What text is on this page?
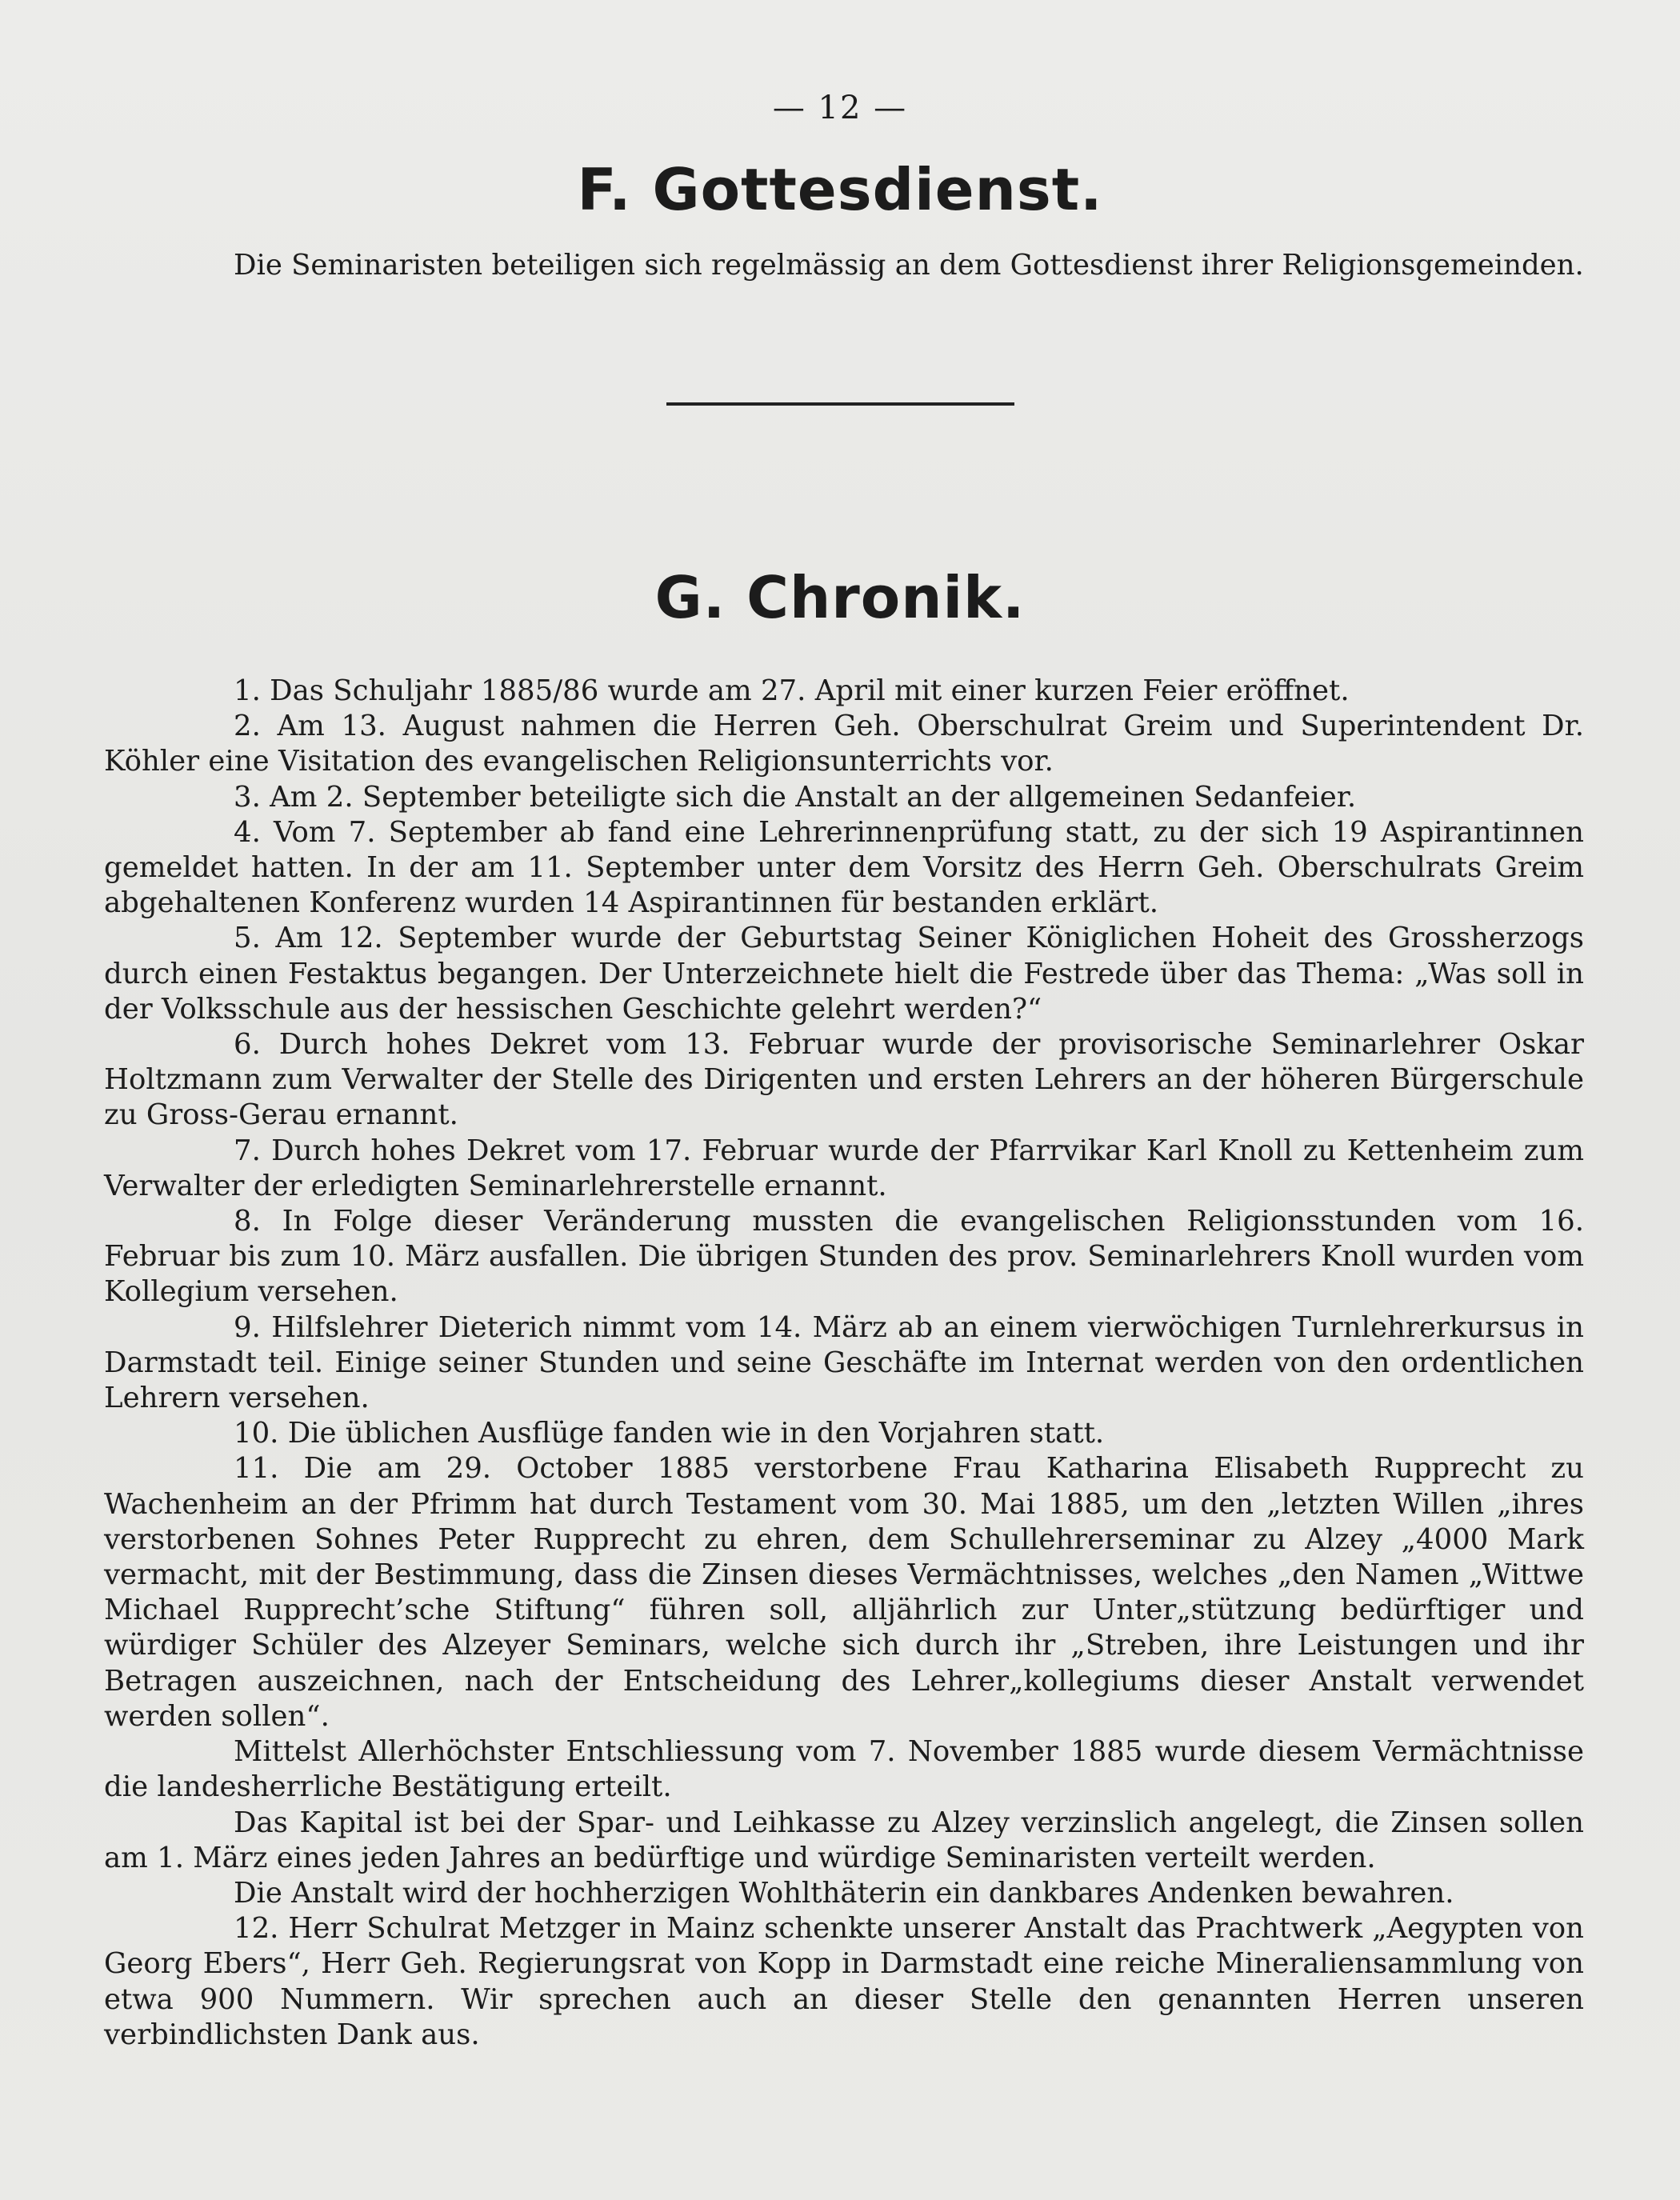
— 12 —
F. Gottesdienst.

Die Seminaristen beteiligen sich regelmässig an dem Gottesdienst ihrer Religionsgemeinden.

G. Chronik.

1. Das Schuljahr 1885/86 wurde am 27. April mit einer kurzen Feier eröffnet.

2. Am 13. August nahmen die Herren Geh. Oberschulrat Greim und Superintendent Dr. Köhler eine Visitation des evangelischen Religionsunterrichts vor.

3. Am 2. September beteiligte sich die Anstalt an der allgemeinen Sedanfeier.

4. Vom 7. September ab fand eine Lehrerinnenprüfung statt, zu der sich 19 Aspirantinnen gemeldet hatten. In der am 11. September unter dem Vorsitz des Herrn Geh. Oberschulrats Greim abgehaltenen Konferenz wurden 14 Aspirantinnen für bestanden erklärt.

5. Am 12. September wurde der Geburtstag Seiner Königlichen Hoheit des Grossherzogs durch einen Festaktus begangen. Der Unterzeichnete hielt die Festrede über das Thema: „Was soll in der Volksschule aus der hessischen Geschichte gelehrt werden?“

6. Durch hohes Dekret vom 13. Februar wurde der provisorische Seminarlehrer Oskar Holtzmann zum Verwalter der Stelle des Dirigenten und ersten Lehrers an der höheren Bürgerschule zu Gross-Gerau ernannt.

7. Durch hohes Dekret vom 17. Februar wurde der Pfarrvikar Karl Knoll zu Kettenheim zum Verwalter der erledigten Seminarlehrerstelle ernannt.

8. In Folge dieser Veränderung mussten die evangelischen Religionsstunden vom 16. Februar bis zum 10. März ausfallen. Die übrigen Stunden des prov. Seminarlehrers Knoll wurden vom Kollegium versehen.

9. Hilfslehrer Dieterich nimmt vom 14. März ab an einem vierwöchigen Turnlehrerkursus in Darmstadt teil. Einige seiner Stunden und seine Geschäfte im Internat werden von den ordentlichen Lehrern versehen.

10. Die üblichen Ausflüge fanden wie in den Vorjahren statt.

11. Die am 29. October 1885 verstorbene Frau Katharina Elisabeth Rupprecht zu Wachenheim an der Pfrimm hat durch Testament vom 30. Mai 1885, um den „letzten Willen „ihres verstorbenen Sohnes Peter Rupprecht zu ehren, dem Schullehrerseminar zu Alzey „4000 Mark vermacht, mit der Bestimmung, dass die Zinsen dieses Vermächtnisses, welches „den Namen „Wittwe Michael Rupprecht’sche Stiftung“ führen soll, alljährlich zur Unter„stützung bedürftiger und würdiger Schüler des Alzeyer Seminars, welche sich durch ihr „Streben, ihre Leistungen und ihr Betragen auszeichnen, nach der Entscheidung des Lehrer„kollegiums dieser Anstalt verwendet werden sollen“.

Mittelst Allerhöchster Entschliessung vom 7. November 1885 wurde diesem Vermächtnisse die landesherrliche Bestätigung erteilt.

Das Kapital ist bei der Spar- und Leihkasse zu Alzey verzinslich angelegt, die Zinsen sollen am 1. März eines jeden Jahres an bedürftige und würdige Seminaristen verteilt werden.

Die Anstalt wird der hochherzigen Wohlthäterin ein dankbares Andenken bewahren.

12. Herr Schulrat Metzger in Mainz schenkte unserer Anstalt das Prachtwerk „Aegypten von Georg Ebers“, Herr Geh. Regierungsrat von Kopp in Darmstadt eine reiche Mineraliensammlung von etwa 900 Nummern. Wir sprechen auch an dieser Stelle den genannten Herren unseren verbindlichsten Dank aus.
